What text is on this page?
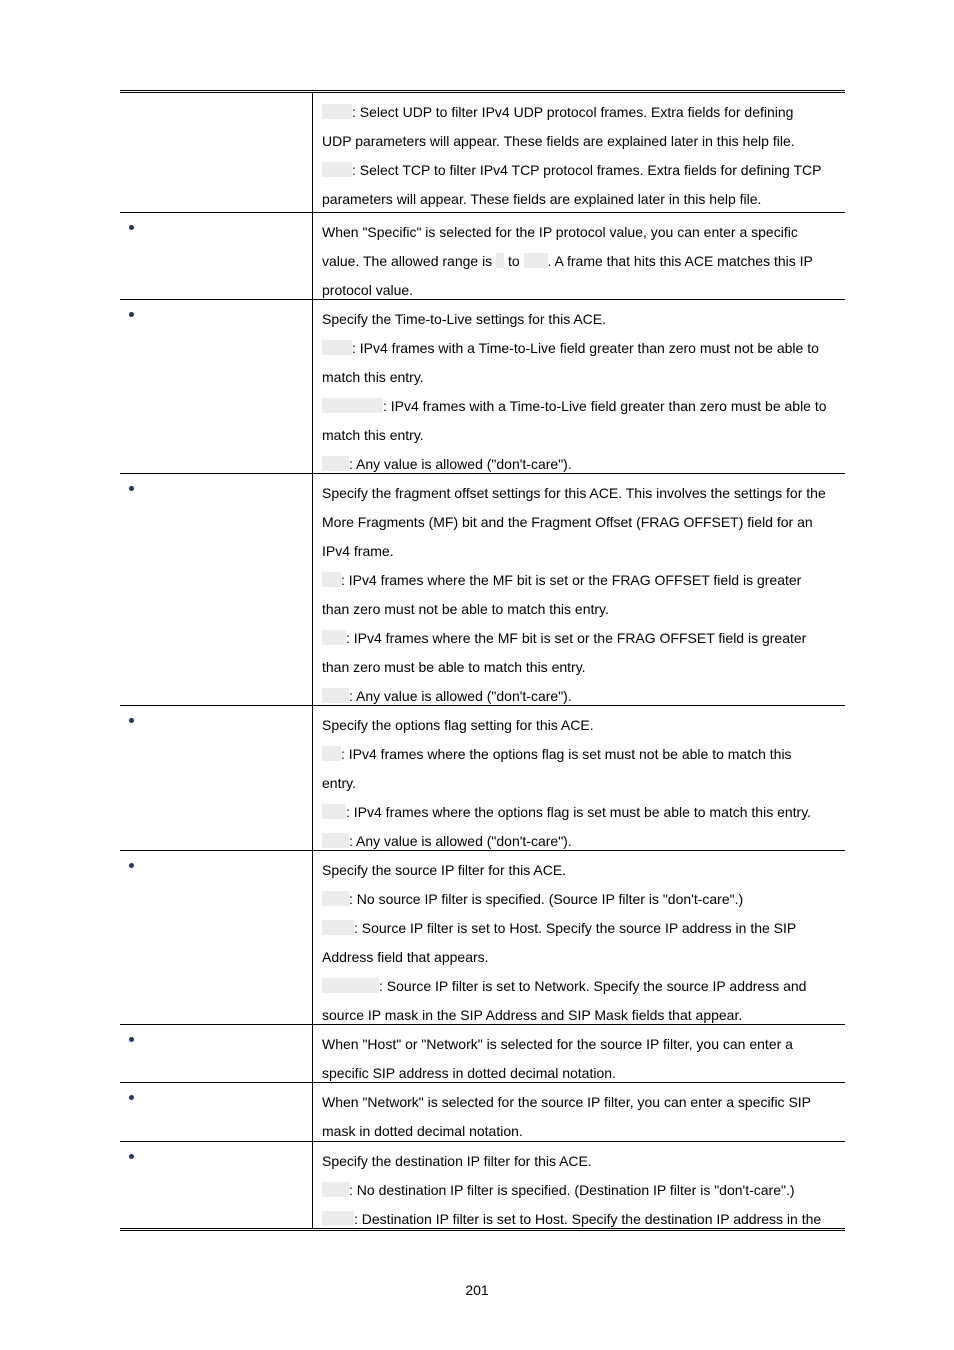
: Select UDP to filter IPv4 UDP protocol frames. Extra fields for defining
UDP parameters will appear. These fields are explained later in this help file.
: Select TCP to filter IPv4 TCP protocol frames. Extra fields for defining TCP
parameters will appear. These fields are explained later in this help file.
When "Specific" is selected for the IP protocol value, you can enter a specific
value. The allowed range is to . A frame that hits this ACE matches this IP
protocol value.
Specify the Time-to-Live settings for this ACE.
: IPv4 frames with a Time-to-Live field greater than zero must not be able to
match this entry.
: IPv4 frames with a Time-to-Live field greater than zero must be able to
match this entry.
: Any value is allowed ("don't-care").
Specify the fragment offset settings for this ACE. This involves the settings for the
More Fragments (MF) bit and the Fragment Offset (FRAG OFFSET) field for an
IPv4 frame.
: IPv4 frames where the MF bit is set or the FRAG OFFSET field is greater
than zero must not be able to match this entry.
: IPv4 frames where the MF bit is set or the FRAG OFFSET field is greater
than zero must be able to match this entry.
: Any value is allowed ("don't-care").
Specify the options flag setting for this ACE.
: IPv4 frames where the options flag is set must not be able to match this
entry.
: IPv4 frames where the options flag is set must be able to match this entry.
: Any value is allowed ("don't-care").
Specify the source IP filter for this ACE.
: No source IP filter is specified. (Source IP filter is "don't-care".)
: Source IP filter is set to Host. Specify the source IP address in the SIP
Address field that appears.
: Source IP filter is set to Network. Specify the source IP address and
source IP mask in the SIP Address and SIP Mask fields that appear.
When "Host" or "Network" is selected for the source IP filter, you can enter a
specific SIP address in dotted decimal notation.
When "Network" is selected for the source IP filter, you can enter a specific SIP
mask in dotted decimal notation.
Specify the destination IP filter for this ACE.
: No destination IP filter is specified. (Destination IP filter is "don't-care".)
: Destination IP filter is set to Host. Specify the destination IP address in the
201
